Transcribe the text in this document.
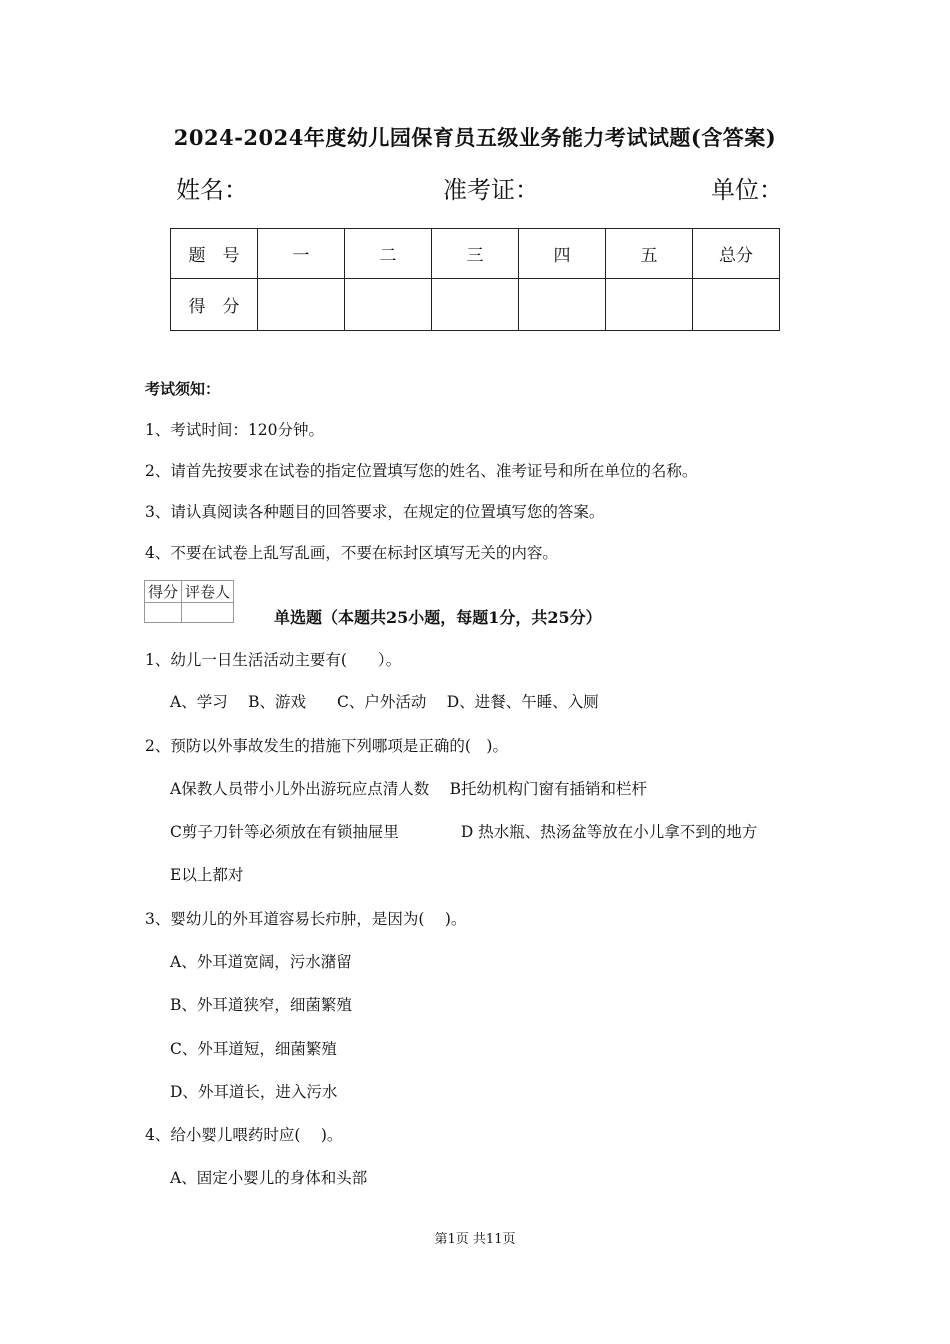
2024-2024年度幼儿园保育员五级业务能力考试试题(含答案)
姓名：	准考证：	单位：
题　号	一	二	三	四	五	总分
得　分						
考试须知：
1、考试时间：120分钟。
2、请首先按要求在试卷的指定位置填写您的姓名、准考证号和所在单位的名称。
3、请认真阅读各种题目的回答要求，在规定的位置填写您的答案。
4、不要在试卷上乱写乱画，不要在标封区填写无关的内容。
得分	评卷人

单选题（本题共25小题，每题1分，共25分）
1、幼儿一日生活活动主要有(　　）。
A、学习　 B、游戏　　C、户外活动　 D、进餐、午睡、入厕
2、预防以外事故发生的措施下列哪项是正确的(　)。
A保教人员带小儿外出游玩应点清人数　 B托幼机构门窗有插销和栏杆
C剪子刀针等必须放在有锁抽屉里　　　　D 热水瓶、热汤盆等放在小儿拿不到的地方
E以上都对
3、婴幼儿的外耳道容易长疖肿，是因为(　 )。
A、外耳道宽阔，污水潴留
B、外耳道狭窄，细菌繁殖
C、外耳道短，细菌繁殖
D、外耳道长，进入污水
4、给小婴儿喂药时应(　 )。
A、固定小婴儿的身体和头部
第1页 共11页
